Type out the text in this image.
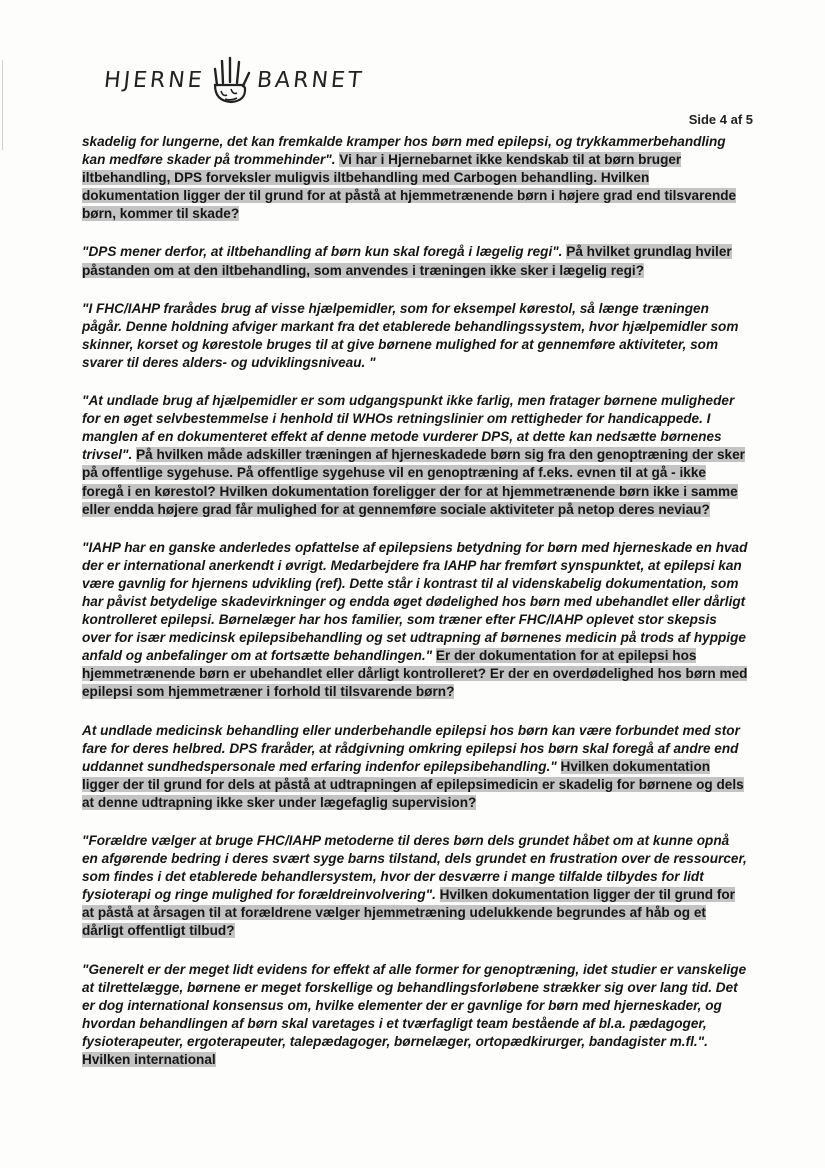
HJERNE BARNET
Side 4 af 5

skadelig for lungerne, det kan fremkalde kramper hos børn med epilepsi, og trykkammerbehandling kan medføre skader på trommehinder". Vi har i Hjernebarnet ikke kendskab til at børn bruger iltbehandling, DPS forveksler muligvis iltbehandling med Carbogen behandling. Hvilken dokumentation ligger der til grund for at påstå at hjemmetrænende børn i højere grad end tilsvarende børn, kommer til skade?

"DPS mener derfor, at iltbehandling af børn kun skal foregå i lægelig regi". På hvilket grundlag hviler påstanden om at den iltbehandling, som anvendes i træningen ikke sker i lægelig regi?

"I FHC/IAHP frarådes brug af visse hjælpemidler, som for eksempel kørestol, så længe træningen pågår. Denne holdning afviger markant fra det etablerede behandlingssystem, hvor hjælpemidler som skinner, korset og kørestole bruges til at give børnene mulighed for at gennemføre aktiviteter, som svarer til deres alders- og udviklingsniveau. "

"At undlade brug af hjælpemidler er som udgangspunkt ikke farlig, men fratager børnene muligheder for en øget selvbestemmelse i henhold til WHOs retningslinier om rettigheder for handicappede. I manglen af en dokumenteret effekt af denne metode vurderer DPS, at dette kan nedsætte børnenes trivsel". På hvilken måde adskiller træningen af hjerneskadede børn sig fra den genoptræning der sker på offentlige sygehuse. På offentlige sygehuse vil en genoptræning af f.eks. evnen til at gå - ikke foregå i en kørestol? Hvilken dokumentation foreligger der for at hjemmetrænende børn ikke i samme eller endda højere grad får mulighed for at gennemføre sociale aktiviteter på netop deres neviau?

"IAHP har en ganske anderledes opfattelse af epilepsiens betydning for børn med hjerneskade en hvad der er international anerkendt i øvrigt. Medarbejdere fra IAHP har fremført synspunktet, at epilepsi kan være gavnlig for hjernens udvikling (ref). Dette står i kontrast til al videnskabelig dokumentation, som har påvist betydelige skadevirkninger og endda øget dødelighed hos børn med ubehandlet eller dårligt kontrolleret epilepsi. Børnelæger har hos familier, som træner efter FHC/IAHP oplevet stor skepsis over for især medicinsk epilepsibehandling og set udtrapning af børnenes medicin på trods af hyppige anfald og anbefalinger om at fortsætte behandlingen." Er der dokumentation for at epilepsi hos hjemmetrænende børn er ubehandlet eller dårligt kontrolleret? Er der en overdødelighed hos børn med epilepsi som hjemmetræner i forhold til tilsvarende børn?

At undlade medicinsk behandling eller underbehandle epilepsi hos børn kan være forbundet med stor fare for deres helbred. DPS fraråder, at rådgivning omkring epilepsi hos børn skal foregå af andre end uddannet sundhedspersonale med erfaring indenfor epilepsibehandling." Hvilken dokumentation ligger der til grund for dels at påstå at udtrapningen af epilepsimedicin er skadelig for børnene og dels at denne udtrapning ikke sker under lægefaglig supervision?

"Forældre vælger at bruge FHC/IAHP metoderne til deres børn dels grundet håbet om at kunne opnå en afgørende bedring i deres svært syge barns tilstand, dels grundet en frustration over de ressourcer, som findes i det etablerede behandlersystem, hvor der desværre i mange tilfalde tilbydes for lidt fysioterapi og ringe mulighed for forældreinvolvering". Hvilken dokumentation ligger der til grund for at påstå at årsagen til at forældrene vælger hjemmetræning udelukkende begrundes af håb og et dårligt offentligt tilbud?

"Generelt er der meget lidt evidens for effekt af alle former for genoptræning, idet studier er vanskelige at tilrettelægge, børnene er meget forskellige og behandlingsforløbene strækker sig over lang tid. Det er dog international konsensus om, hvilke elementer der er gavnlige for børn med hjerneskader, og hvordan behandlingen af børn skal varetages i et tværfagligt team bestående af bl.a. pædagoger, fysioterapeuter, ergoterapeuter, talepædagoger, børnelæger, ortopædkirurger, bandagister m.fl.". Hvilken international
